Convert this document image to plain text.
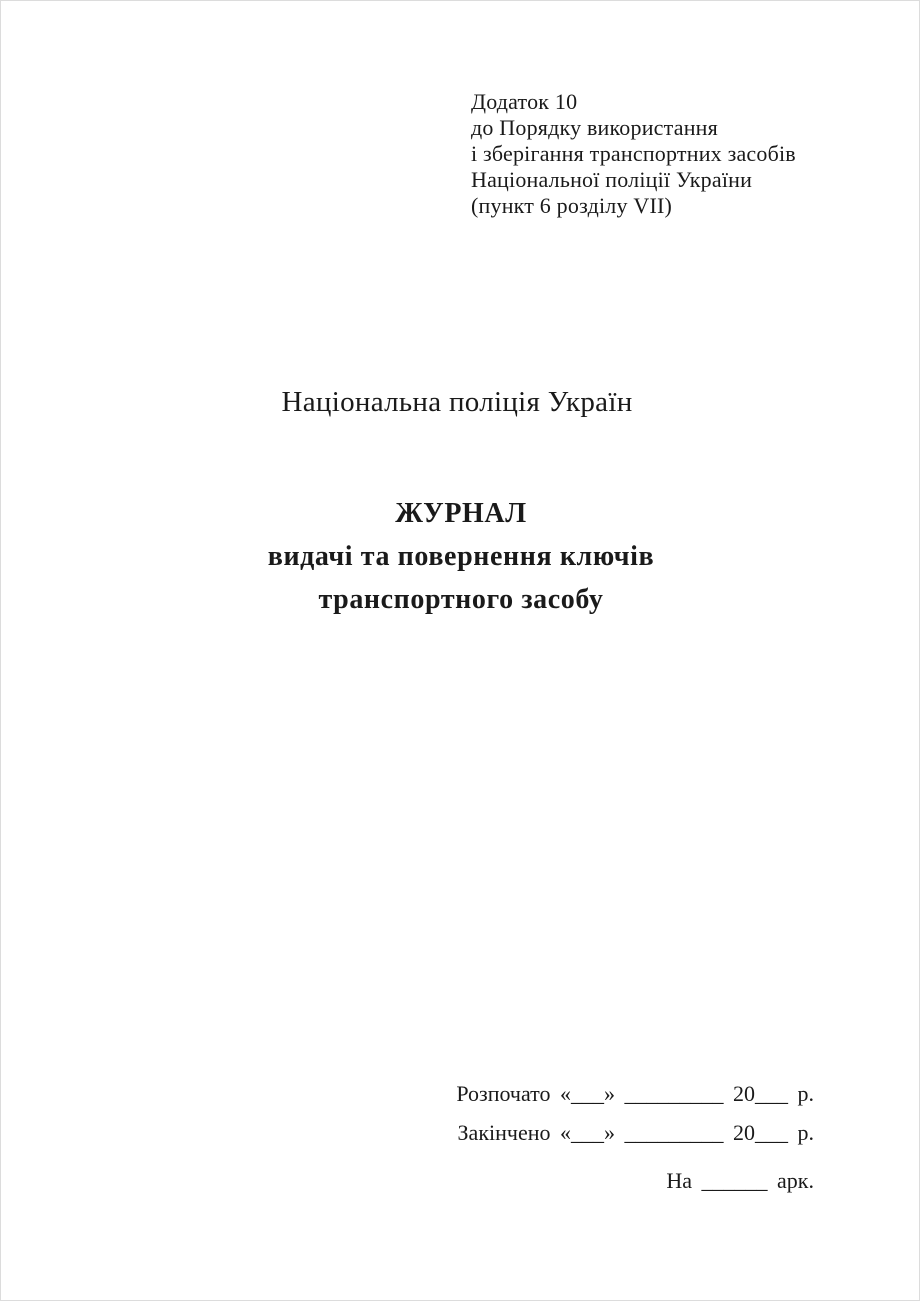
Додаток 10
до Порядку використання
і зберігання транспортних засобів
Національної поліції України
(пункт 6 розділу VII)
Національна поліція Україн
ЖУРНАЛ
видачі та повернення ключів
транспортного засобу
Розпочато «___» _________ 20___ р.
Закінчено «___» _________ 20___ р.
На ______ арк.
